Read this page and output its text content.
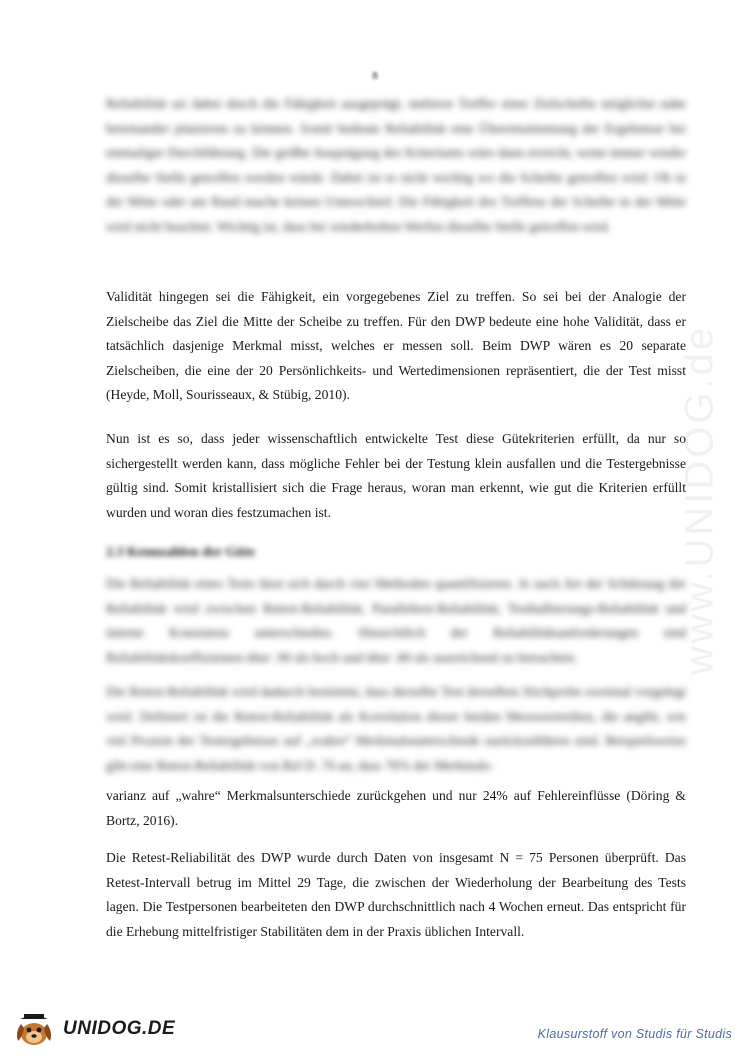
www.UNIDOG.de
8
Reliabilität sei dabei durch die Fähigkeit ausgeprägt, mehrere Treffer einer Zielscheibe möglichst nahe beieinander platzieren zu können. Somit bedeute Reliabilität eine Übereinstimmung der Ergebnisse bei einmaliger Durchführung. Die größte Ausprägung des Kriteriums wäre dann erreicht, wenn immer wieder dieselbe Stelle getroffen werden würde. Dabei ist es nicht wichtig wo die Scheibe getroffen wird. Ob in der Mitte oder am Rand mache keinen Unterschied. Die Fähigkeit des Treffens der Scheibe in der Mitte wird nicht beachtet. Wichtig ist, dass bei wiederholten Werfen dieselbe Stelle getroffen wird.
Validität hingegen sei die Fähigkeit, ein vorgegebenes Ziel zu treffen. So sei bei der Analogie der Zielscheibe das Ziel die Mitte der Scheibe zu treffen. Für den DWP bedeute eine hohe Validität, dass er tatsächlich dasjenige Merkmal misst, welches er messen soll. Beim DWP wären es 20 separate Zielscheiben, die eine der 20 Persönlichkeits- und Wertedimensionen repräsentiert, die der Test misst (Heyde, Moll, Sourisseaux, & Stübig, 2010).
Nun ist es so, dass jeder wissenschaftlich entwickelte Test diese Gütekriterien erfüllt, da nur so sichergestellt werden kann, dass mögliche Fehler bei der Testung klein ausfallen und die Testergebnisse gültig sind. Somit kristallisiert sich die Frage heraus, woran man erkennt, wie gut die Kriterien erfüllt wurden und woran dies festzumachen ist.
2.3 Kennzahlen der Güte
Die Reliabilität eines Tests lässt sich durch vier Methoden quantifizieren. Je nach Art der Schätzung der Reliabilität wird zwischen Retest-Reliabilität, Paralleltest-Reliabilität, Testhalbierungs-Reliabilität und interne Konsistenz unterschieden. Hinsichtlich der Reliabilitätsanforderungen sind Reliabilitätskoeffizienten über .90 als hoch und über .80 als ausreichend zu betrachten.
Die Retest-Reliabilität wird dadurch bestimmt, dass derselbe Test derselben Stichprobe zweimal vorgelegt wird. Definiert ist die Retest-Reliabilität als Korrelation dieser beiden Messwertreihen, die angibt, wie viel Prozent der Testergebnisse auf „wahre“ Merkmalsunterschiede zurückzuführen sind. Beispielsweise gibt eine Retest-Reliabilität von Rel D .76 an, dass 76% der Merkmals-
varianz auf „wahre“ Merkmalsunterschiede zurückgehen und nur 24% auf Fehlereinflüsse (Döring & Bortz, 2016).
Die Retest-Reliabilität des DWP wurde durch Daten von insgesamt N = 75 Personen überprüft. Das Retest-Intervall betrug im Mittel 29 Tage, die zwischen der Wiederholung der Bearbeitung des Tests lagen. Die Testpersonen bearbeiteten den DWP durchschnittlich nach 4 Wochen erneut. Das entspricht für die Erhebung mittelfristiger Stabilitäten dem in der Praxis üblichen Intervall.
UNIDOG.DE	Klausurstoff von Studis für Studis
